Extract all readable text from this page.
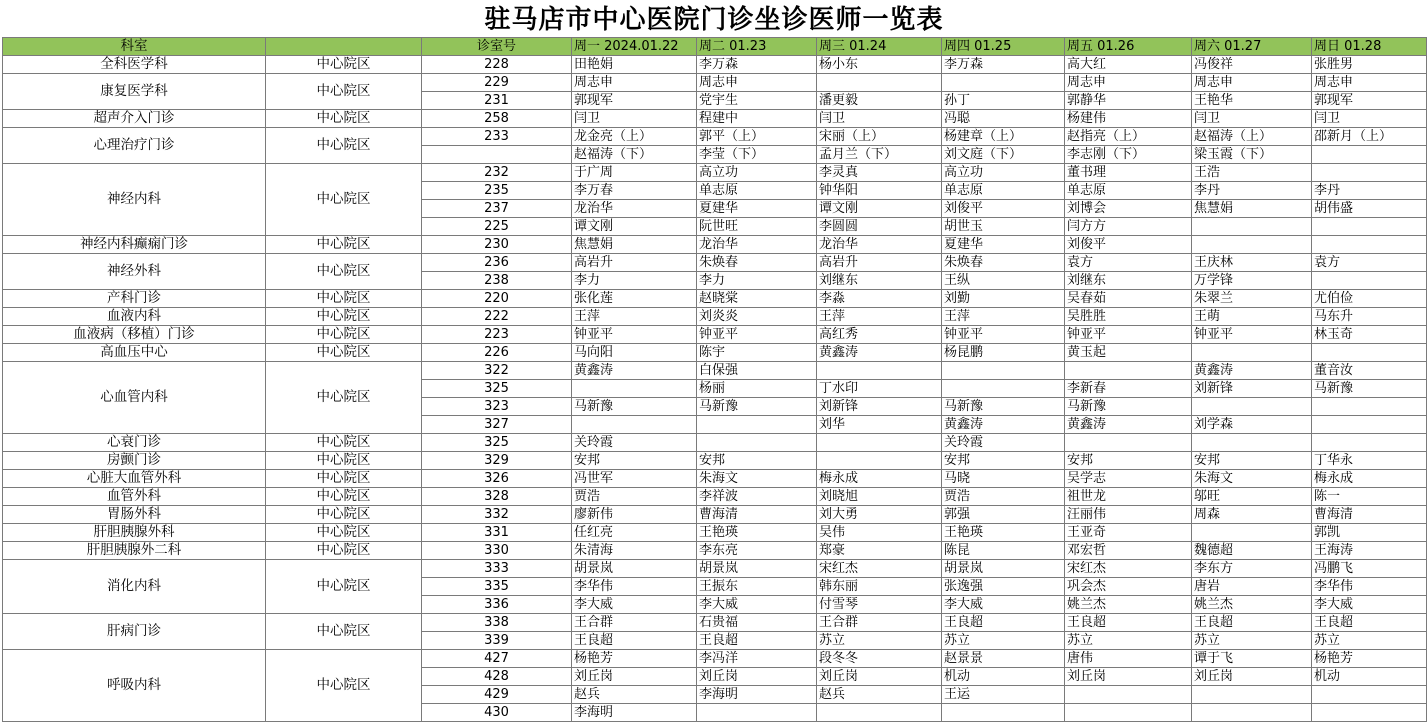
驻马店市中心医院门诊坐诊医师一览表
科室		诊室号	周一 2024.01.22	周二 01.23	周三 01.24	周四 01.25	周五 01.26	周六 01.27	周日 01.28
全科医学科	中心院区	228	田艳娟	李万森	杨小东	李万森	高大红	冯俊祥	张胜男
康复医学科	中心院区	229	周志申	周志申			周志申	周志申	周志申
		231	郭现军	党宇生	潘更毅	孙丁	郭静华	王艳华	郭现军
超声介入门诊	中心院区	258	闫卫	程建中	闫卫	冯聪	杨建伟	闫卫	闫卫
心理治疗门诊	中心院区	233	龙金亮（上）	郭平（上）	宋丽（上）	杨建章（上）	赵指亮（上）	赵福涛（上）	邵新月（上）
			赵福涛（下）	李莹（下）	孟月兰（下）	刘文庭（下）	李志刚（下）	梁玉霞（下）	
神经内科	中心院区	232	于广周	高立功	李灵真	高立功	董书理	王浩	
		235	李万春	单志原	钟华阳	单志原	单志原	李丹	李丹
		237	龙治华	夏建华	谭文刚	刘俊平	刘博会	焦慧娟	胡伟盛
		225	谭文刚	阮世旺	李圆圆	胡世玉	闫方方		
神经内科癫痫门诊	中心院区	230	焦慧娟	龙治华	龙治华	夏建华	刘俊平		
神经外科	中心院区	236	高岩升	朱焕春	高岩升	朱焕春	袁方	王庆林	袁方
		238	李力	李力	刘继东	王纵	刘继东	万学锋	
产科门诊	中心院区	220	张化莲	赵晓棠	李淼	刘勤	吴春茹	朱翠兰	尤伯俭
血液内科	中心院区	222	王萍	刘炎炎	王萍	王萍	吴胜胜	王萌	马东升
血液病（移植）门诊	中心院区	223	钟亚平	钟亚平	高红秀	钟亚平	钟亚平	钟亚平	林玉奇
高血压中心	中心院区	226	马向阳	陈宇	黄鑫涛	杨昆鹏	黄玉起		
心血管内科	中心院区	322	黄鑫涛	白保强				黄鑫涛	董音汝
		325		杨丽	丁水印		李新春	刘新锋	马新豫
		323	马新豫	马新豫	刘新锋	马新豫	马新豫		
		327			刘华	黄鑫涛	黄鑫涛	刘学森	
心衰门诊	中心院区	325	关玲霞			关玲霞			
房颤门诊	中心院区	329	安邦	安邦		安邦	安邦	安邦	丁华永
心脏大血管外科	中心院区	326	冯世军	朱海文	梅永成	马晓	吴学志	朱海文	梅永成
血管外科	中心院区	328	贾浩	李祥波	刘晓旭	贾浩	祖世龙	邬旺	陈一
胃肠外科	中心院区	332	廖新伟	曹海清	刘大勇	郭强	汪丽伟	周森	曹海清
肝胆胰腺外科	中心院区	331	任红亮	王艳瑛	吴伟	王艳瑛	王亚奇		郭凯
肝胆胰腺外二科	中心院区	330	朱清海	李东亮	郑豪	陈昆	邓宏哲	魏德超	王海涛
消化内科	中心院区	333	胡景岚	胡景岚	宋红杰	胡景岚	宋红杰	李东方	冯鹏飞
		335	李华伟	王振东	韩东丽	张逸强	巩会杰	唐岩	李华伟
		336	李大威	李大威	付雪琴	李大威	姚兰杰	姚兰杰	李大威
肝病门诊	中心院区	338	王合群	石贵福	王合群	王良超	王良超	王良超	王良超
		339	王良超	王良超	苏立	苏立	苏立	苏立	苏立
呼吸内科	中心院区	427	杨艳芳	李冯洋	段冬冬	赵景景	唐伟	谭于飞	杨艳芳
		428	刘丘岗	刘丘岗	刘丘岗	机动	刘丘岗	刘丘岗	机动
		429	赵兵	李海明	赵兵	王运			
		430	李海明						
